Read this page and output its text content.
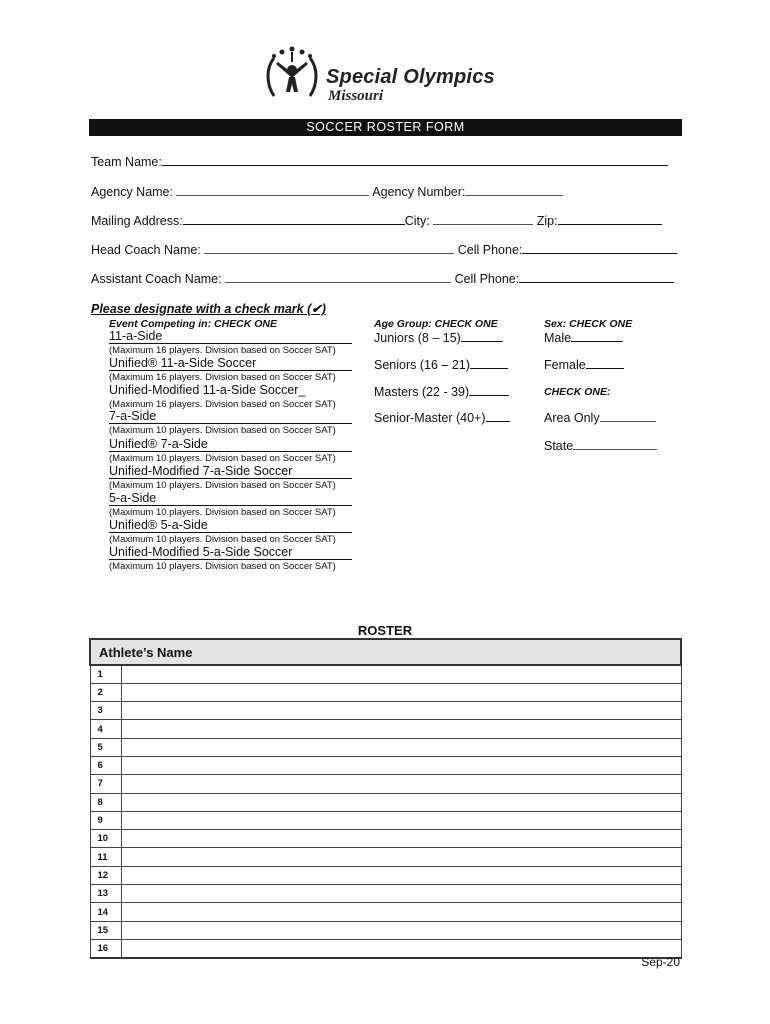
Special Olympics
Missouri
SOCCER ROSTER FORM
Team Name:
Agency Name:	Agency Number:
Mailing Address:	City:	Zip:
Head Coach Name:	Cell Phone:
Assistant Coach Name:	Cell Phone:
Please designate with a check mark (✔)
Event Competing in: CHECK ONE	Age Group: CHECK ONE	Sex: CHECK ONE
11-a-Side
(Maximum 16 players. Division based on Soccer SAT)
Unified® 11-a-Side Soccer
(Maximum 16 players. Division based on Soccer SAT)
Unified-Modified 11-a-Side Soccer_
(Maximum 16 players. Division based on Soccer SAT)
7-a-Side
(Maximum 10 players. Division based on Soccer SAT)
Unified® 7-a-Side
(Maximum 10 players. Division based on Soccer SAT)
Unified-Modified 7-a-Side Soccer
(Maximum 10 players. Division based on Soccer SAT)
5-a-Side
(Maximum 10 players. Division based on Soccer SAT)
Unified® 5-a-Side
(Maximum 10 players. Division based on Soccer SAT)
Unified-Modified 5-a-Side Soccer
(Maximum 10 players. Division based on Soccer SAT)
Juniors (8 – 15)
Seniors (16 – 21)
Masters (22 - 39)
Senior-Master (40+)
Male
Female
CHECK ONE:
Area Only
State
ROSTER
Athlete’s Name	
1	
2	
3	
4	
5	
6	
7	
8	
9	
10	
11	
12	
13	
14	
15	
16	
Sep-20
